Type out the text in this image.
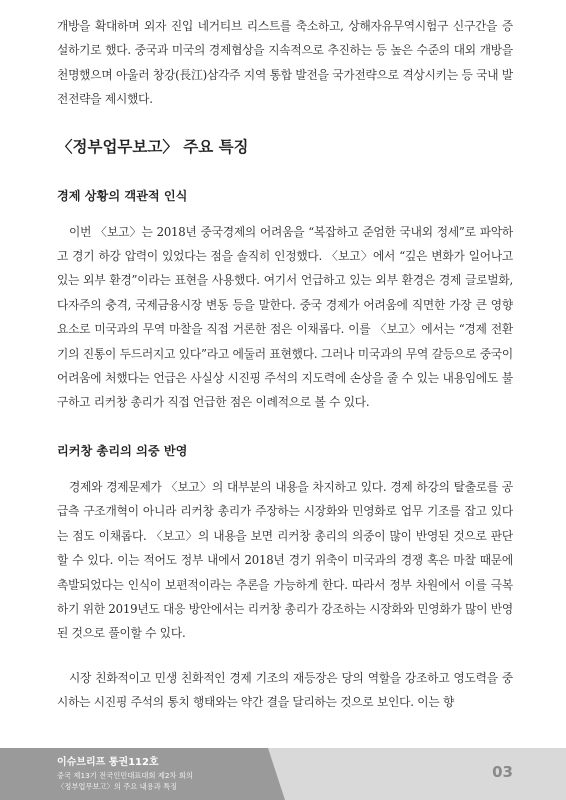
개방을 확대하며 외자 진입 네거티브 리스트를 축소하고, 상해자유무역시험구 신구간을 증설하기로 했다. 중국과 미국의 경제협상을 지속적으로 추진하는 등 높은 수준의 대외 개방을 천명했으며 아울러 창강(長江)삼각주 지역 통합 발전을 국가전략으로 격상시키는 등 국내 발전전략을 제시했다.

〈정부업무보고〉 주요 특징
경제 상황의 객관적 인식

이번 〈보고〉는 2018년 중국경제의 어려움을 “복잡하고 준엄한 국내외 정세”로 파악하고 경기 하강 압력이 있었다는 점을 솔직히 인정했다. 〈보고〉에서 “깊은 변화가 일어나고 있는 외부 환경”이라는 표현을 사용했다. 여기서 언급하고 있는 외부 환경은 경제 글로벌화, 다자주의 충격, 국제금융시장 변동 등을 말한다. 중국 경제가 어려움에 직면한 가장 큰 영향 요소로 미국과의 무역 마찰을 직접 거론한 점은 이채롭다. 이를 〈보고〉에서는 “경제 전환기의 진통이 두드러지고 있다”라고 에둘러 표현했다. 그러나 미국과의 무역 갈등으로 중국이 어려움에 처했다는 언급은 사실상 시진핑 주석의 지도력에 손상을 줄 수 있는 내용임에도 불구하고 리커창 총리가 직접 언급한 점은 이례적으로 볼 수 있다.

리커창 총리의 의중 반영

경제와 경제문제가 〈보고〉의 대부분의 내용을 차지하고 있다. 경제 하강의 탈출로를 공급측 구조개혁이 아니라 리커창 총리가 주장하는 시장화와 민영화로 업무 기조를 잡고 있다는 점도 이채롭다. 〈보고〉의 내용을 보면 리커창 총리의 의중이 많이 반영된 것으로 판단할 수 있다. 이는 적어도 정부 내에서 2018년 경기 위축이 미국과의 경쟁 혹은 마찰 때문에 촉발되었다는 인식이 보편적이라는 추론을 가능하게 한다. 따라서 정부 차원에서 이를 극복하기 위한 2019년도 대응 방안에서는 리커창 총리가 강조하는 시장화와 민영화가 많이 반영된 것으로 풀이할 수 있다.

시장 친화적이고 민생 친화적인 경제 기조의 재등장은 당의 역할을 강조하고 영도력을 중시하는 시진핑 주석의 통치 행태와는 약간 결을 달리하는 것으로 보인다. 이는 향

이슈브리프 통권112호
중국 제13기 전국인민대표대회 제2차 회의
〈정부업무보고〉의 주요 내용과 특징
03
